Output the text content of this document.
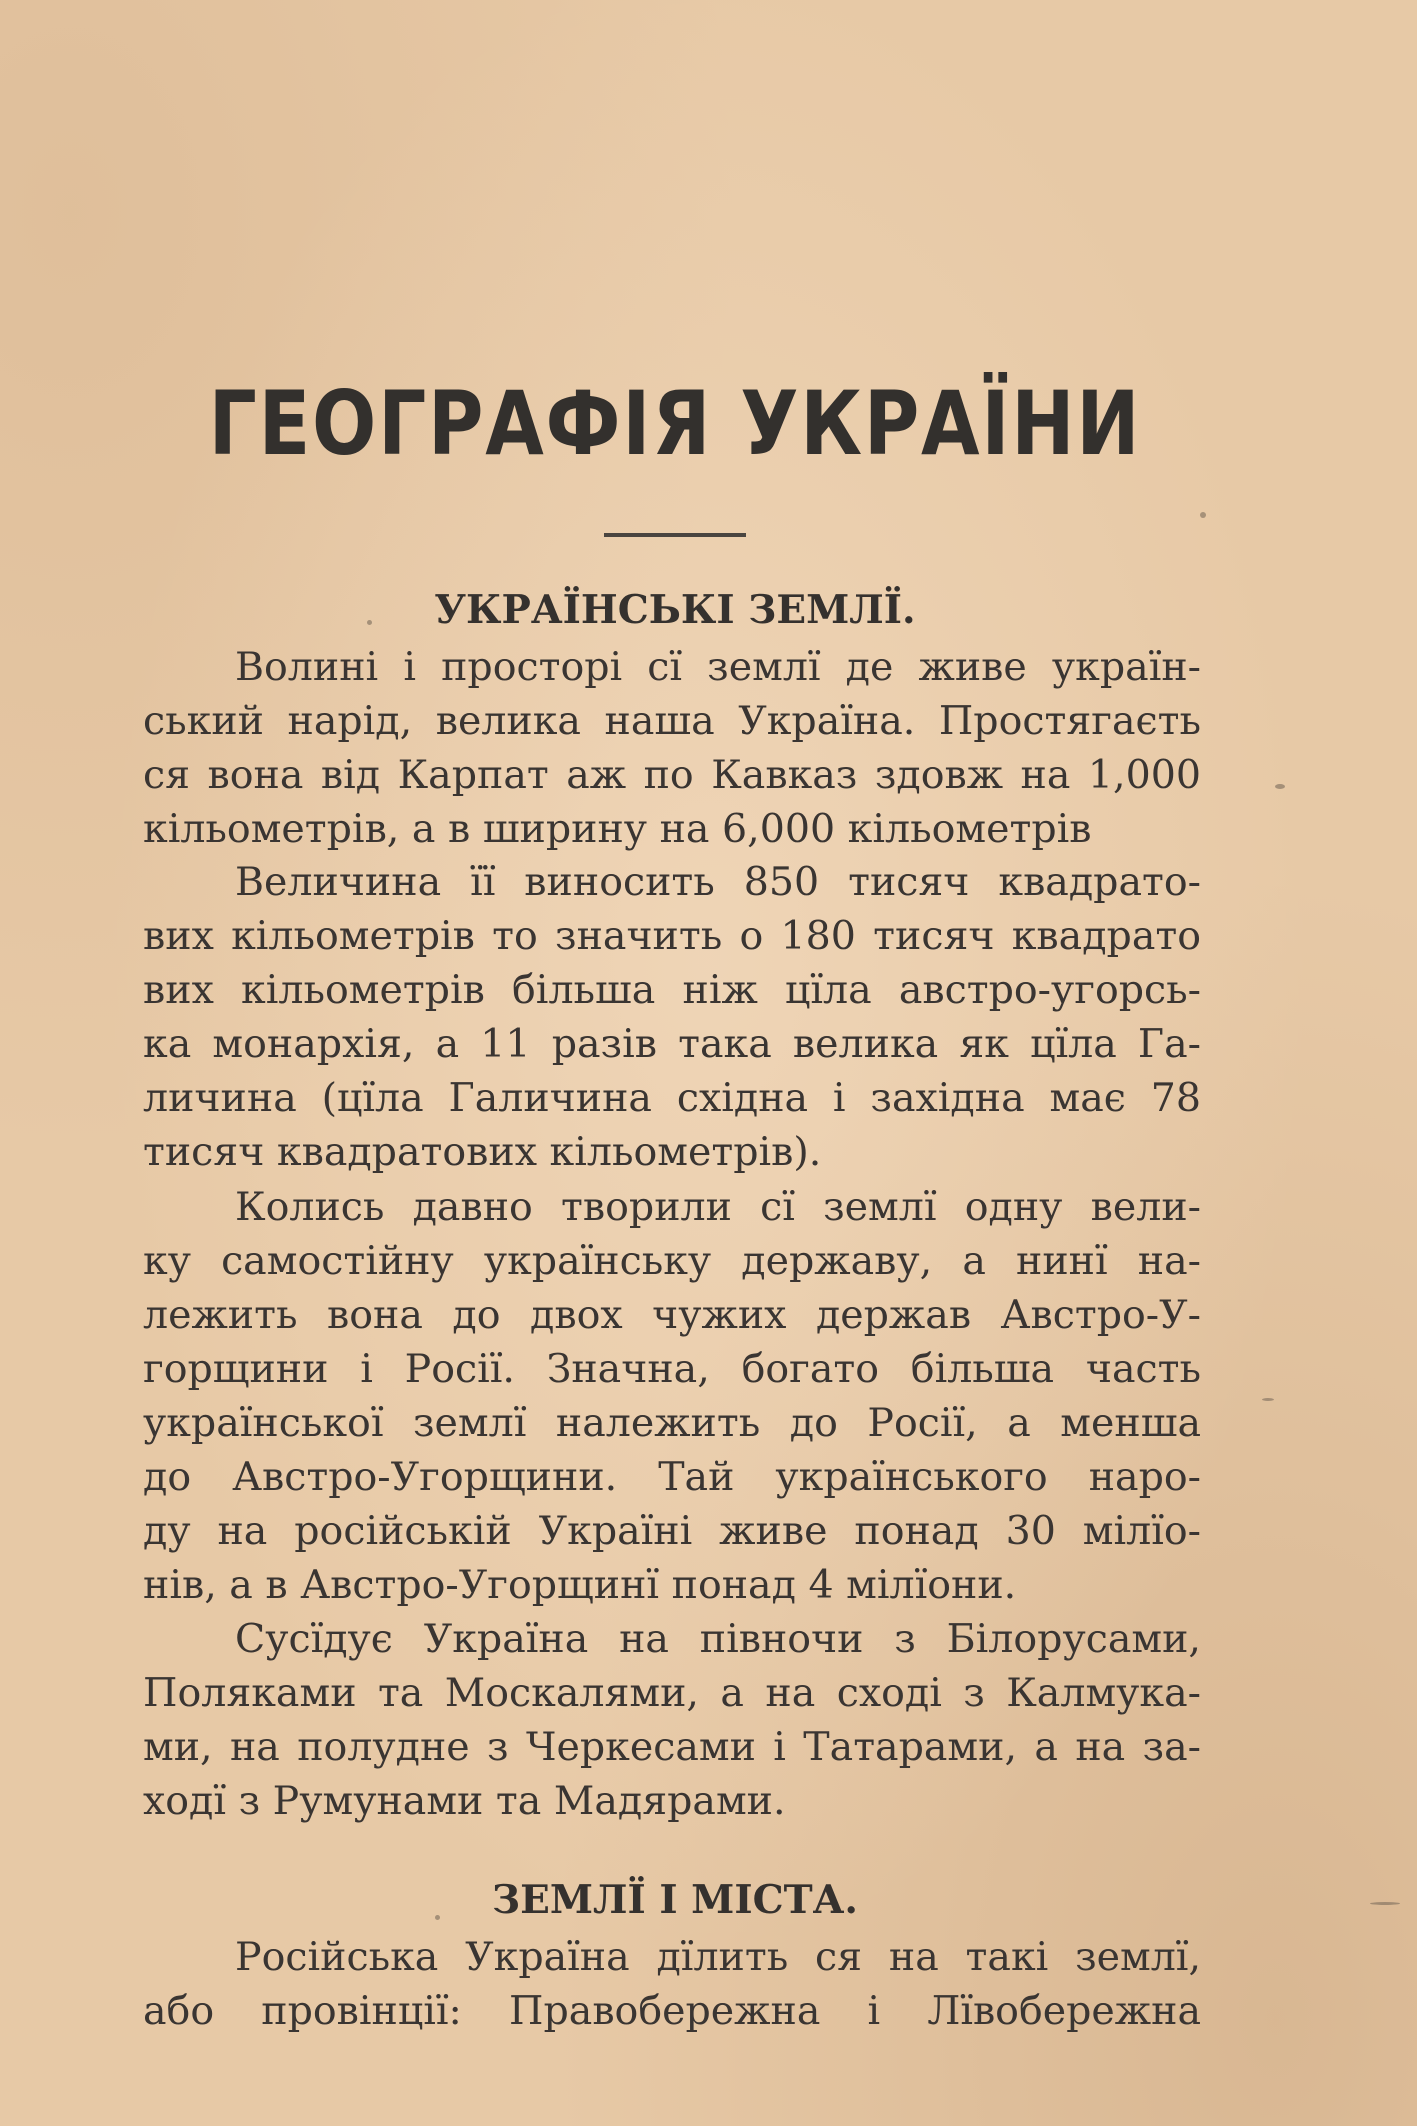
ГЕОГРАФІЯ УКРАЇНИ
УКРАЇНСЬКІ ЗЕМЛЇ.
Волині і просторі сї землї де живе україн-
ський нарід, велика наша Україна. Простягаєть
ся вона від Карпат аж по Кавказ здовж на 1,000
кільометрів, а в ширину на 6,000 кільометрів
Величина її виносить 850 тисяч квадрато-
вих кільометрів то значить о 180 тисяч квадрато
вих кільометрів більша ніж цїла австро-угорсь-
ка монархія, а 11 разів така велика як цїла Га-
личина (цїла Галичина східна і західна має 78
тисяч квадратових кільометрів).
Колись давно творили сї землї одну вели-
ку самостійну українську державу, а нинї на-
лежить вона до двох чужих держав Австро-У-
горщини і Росії. Значна, богато більша часть
української землї належить до Росії, а менша
до Австро-Угорщини. Тай українського наро-
ду на російській Україні живе понад 30 мілїо-
нів, а в Австро-Угорщинї понад 4 мілїони.
Сусїдує Україна на півночи з Білорусами,
Поляками та Москалями, а на сході з Калмука-
ми, на полудне з Черкесами і Татарами, а на за-
ходї з Румунами та Мадярами.
ЗЕМЛЇ І МІСТА.
Російська Україна дїлить ся на такі землї,
або провінції: Правобережна і Лївобережна
